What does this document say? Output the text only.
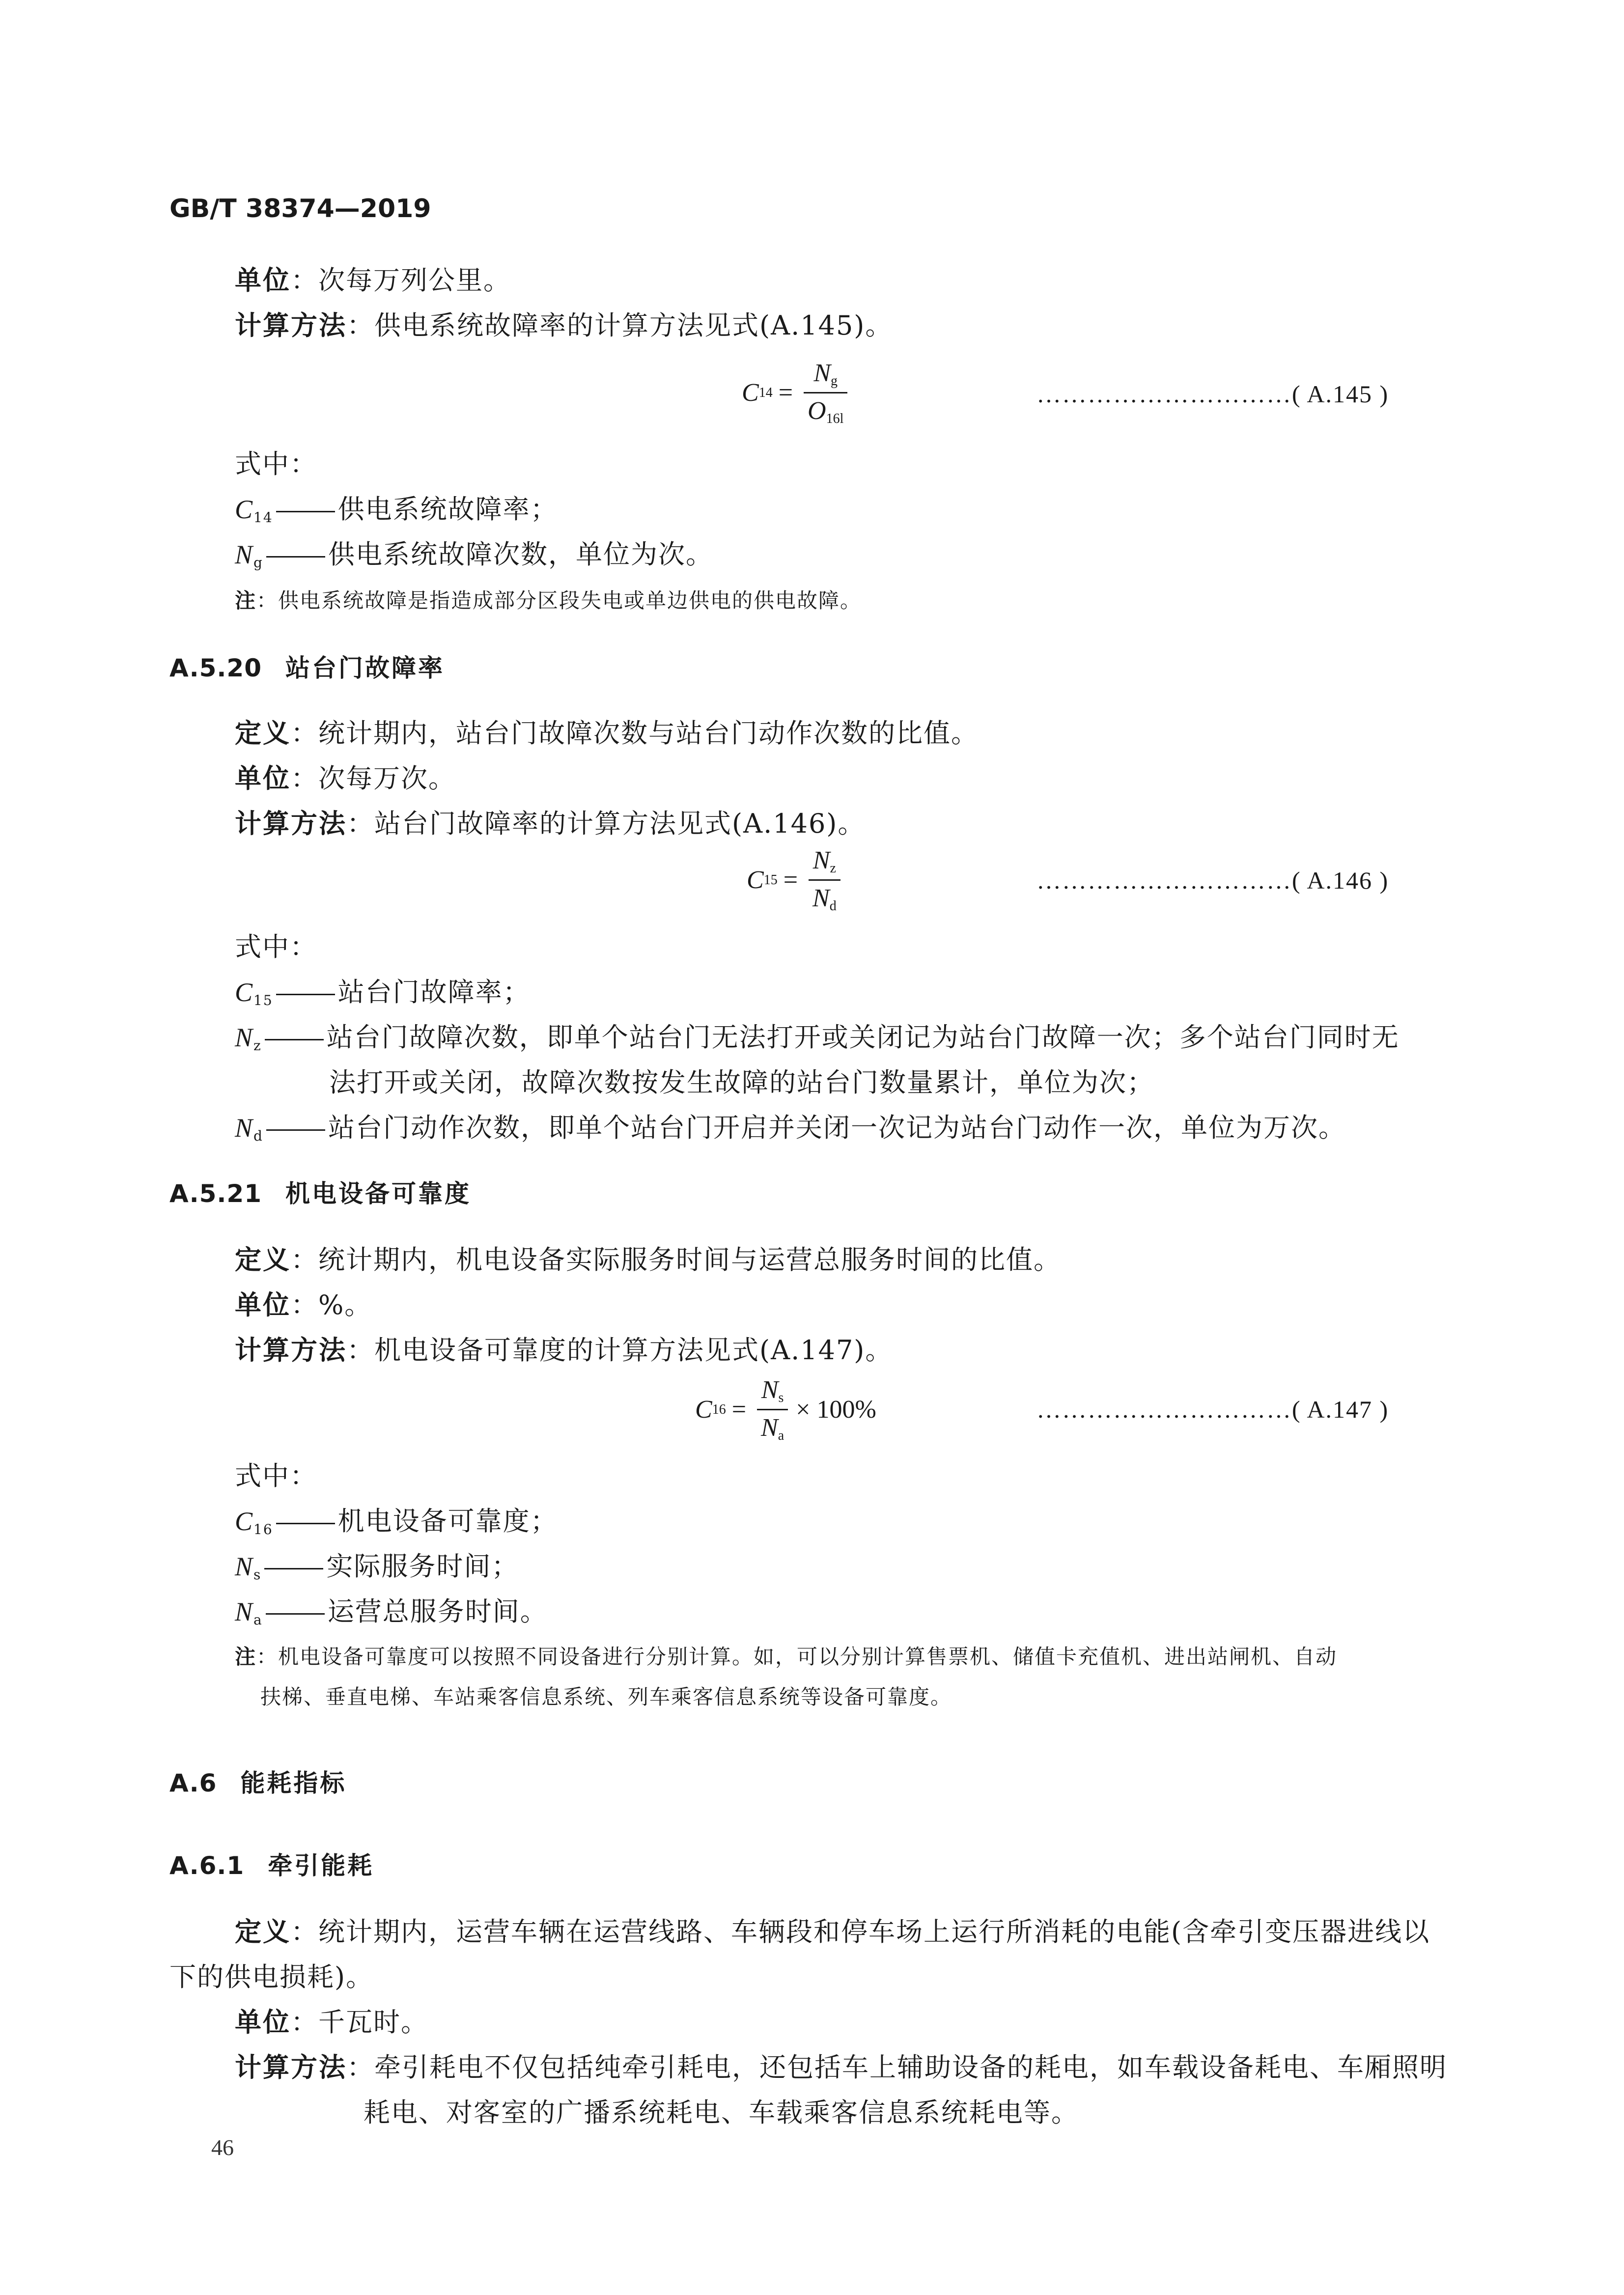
GB/T 38374—2019
单位：次每万列公里。
计算方法：供电系统故障率的计算方法见式(A.145)。
C $14 = \frac{N_g}{O_{16l}}$	…………………………( A.145 )
式中：
$C_{14}$ 供电系统故障率；
$N_g$ 供电系统故障次数，单位为次。
注：供电系统故障是指造成部分区段失电或单边供电的供电故障。
A.5.20 站台门故障率
定义：统计期内，站台门故障次数与站台门动作次数的比值。
单位：次每万次。
计算方法：站台门故障率的计算方法见式(A.146)。
C $15 = \frac{N_z}{N_d}$	…………………………( A.146 )
式中：
$C_{15}$ 站台门故障率；
$N_z$ 站台门故障次数，即单个站台门无法打开或关闭记为站台门故障一次；多个站台门同时无
法打开或关闭，故障次数按发生故障的站台门数量累计，单位为次；
$N_d$ 站台门动作次数，即单个站台门开启并关闭一次记为站台门动作一次，单位为万次。
A.5.21 机电设备可靠度
定义：统计期内，机电设备实际服务时间与运营总服务时间的比值。
单位：%。
计算方法：机电设备可靠度的计算方法见式(A.147)。
C $16 = \frac{N_s}{N_a} \times 100\%$	…………………………( A.147 )
式中：
$C_{16}$ 机电设备可靠度；
$N_s$ 实际服务时间；
$N_a$ 运营总服务时间。
注：机电设备可靠度可以按照不同设备进行分别计算。如，可以分别计算售票机、储值卡充值机、进出站闸机、自动
扶梯、垂直电梯、车站乘客信息系统、列车乘客信息系统等设备可靠度。
A.6 能耗指标
A.6.1 牵引能耗
定义：统计期内，运营车辆在运营线路、车辆段和停车场上运行所消耗的电能(含牵引变压器进线以
下的供电损耗)。
单位：千瓦时。
计算方法：牵引耗电不仅包括纯牵引耗电，还包括车上辅助设备的耗电，如车载设备耗电、车厢照明
耗电、对客室的广播系统耗电、车载乘客信息系统耗电等。
46
